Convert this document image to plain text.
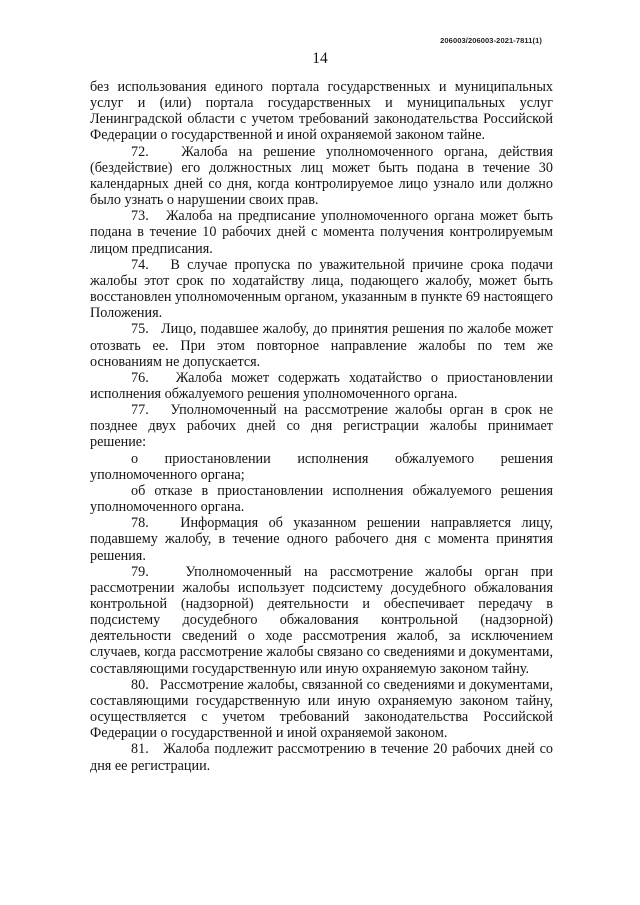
206003/206003-2021-7811(1)
14

без использования единого портала государственных и муниципальных услуг и (или) портала государственных и муниципальных услуг Ленинградской области с учетом требований законодательства Российской Федерации о государственной и иной охраняемой законом тайне.

72.   Жалоба на решение уполномоченного органа, действия (бездействие) его должностных лиц может быть подана в течение 30 календарных дней со дня, когда контролируемое лицо узнало или должно было узнать о нарушении своих прав.

73.   Жалоба на предписание уполномоченного органа может быть подана в течение 10 рабочих дней с момента получения контролируемым лицом предписания.

74.   В случае пропуска по уважительной причине срока подачи жалобы этот срок по ходатайству лица, подающего жалобу, может быть восстановлен уполномоченным органом, указанным в пункте 69 настоящего Положения.

75.   Лицо, подавшее жалобу, до принятия решения по жалобе может отозвать ее. При этом повторное направление жалобы по тем же основаниям не допускается.

76.   Жалоба может содержать ходатайство о приостановлении исполнения обжалуемого решения уполномоченного органа.

77.   Уполномоченный на рассмотрение жалобы орган в срок не позднее двух рабочих дней со дня регистрации жалобы принимает решение:

о приостановлении исполнения обжалуемого решения уполномоченного органа;

об отказе в приостановлении исполнения обжалуемого решения уполномоченного органа.

78.   Информация об указанном решении направляется лицу, подавшему жалобу, в течение одного рабочего дня с момента принятия решения.

79.   Уполномоченный на рассмотрение жалобы орган при рассмотрении жалобы использует подсистему досудебного обжалования контрольной (надзорной) деятельности и обеспечивает передачу в подсистему досудебного обжалования контрольной (надзорной) деятельности сведений о ходе рассмотрения жалоб, за исключением случаев, когда рассмотрение жалобы связано со сведениями и документами, составляющими государственную или иную охраняемую законом тайну.

80.   Рассмотрение жалобы, связанной со сведениями и документами, составляющими государственную или иную охраняемую законом тайну, осуществляется с учетом требований законодательства Российской Федерации о государственной и иной охраняемой законом.

81.   Жалоба подлежит рассмотрению в течение 20 рабочих дней со дня ее регистрации.
